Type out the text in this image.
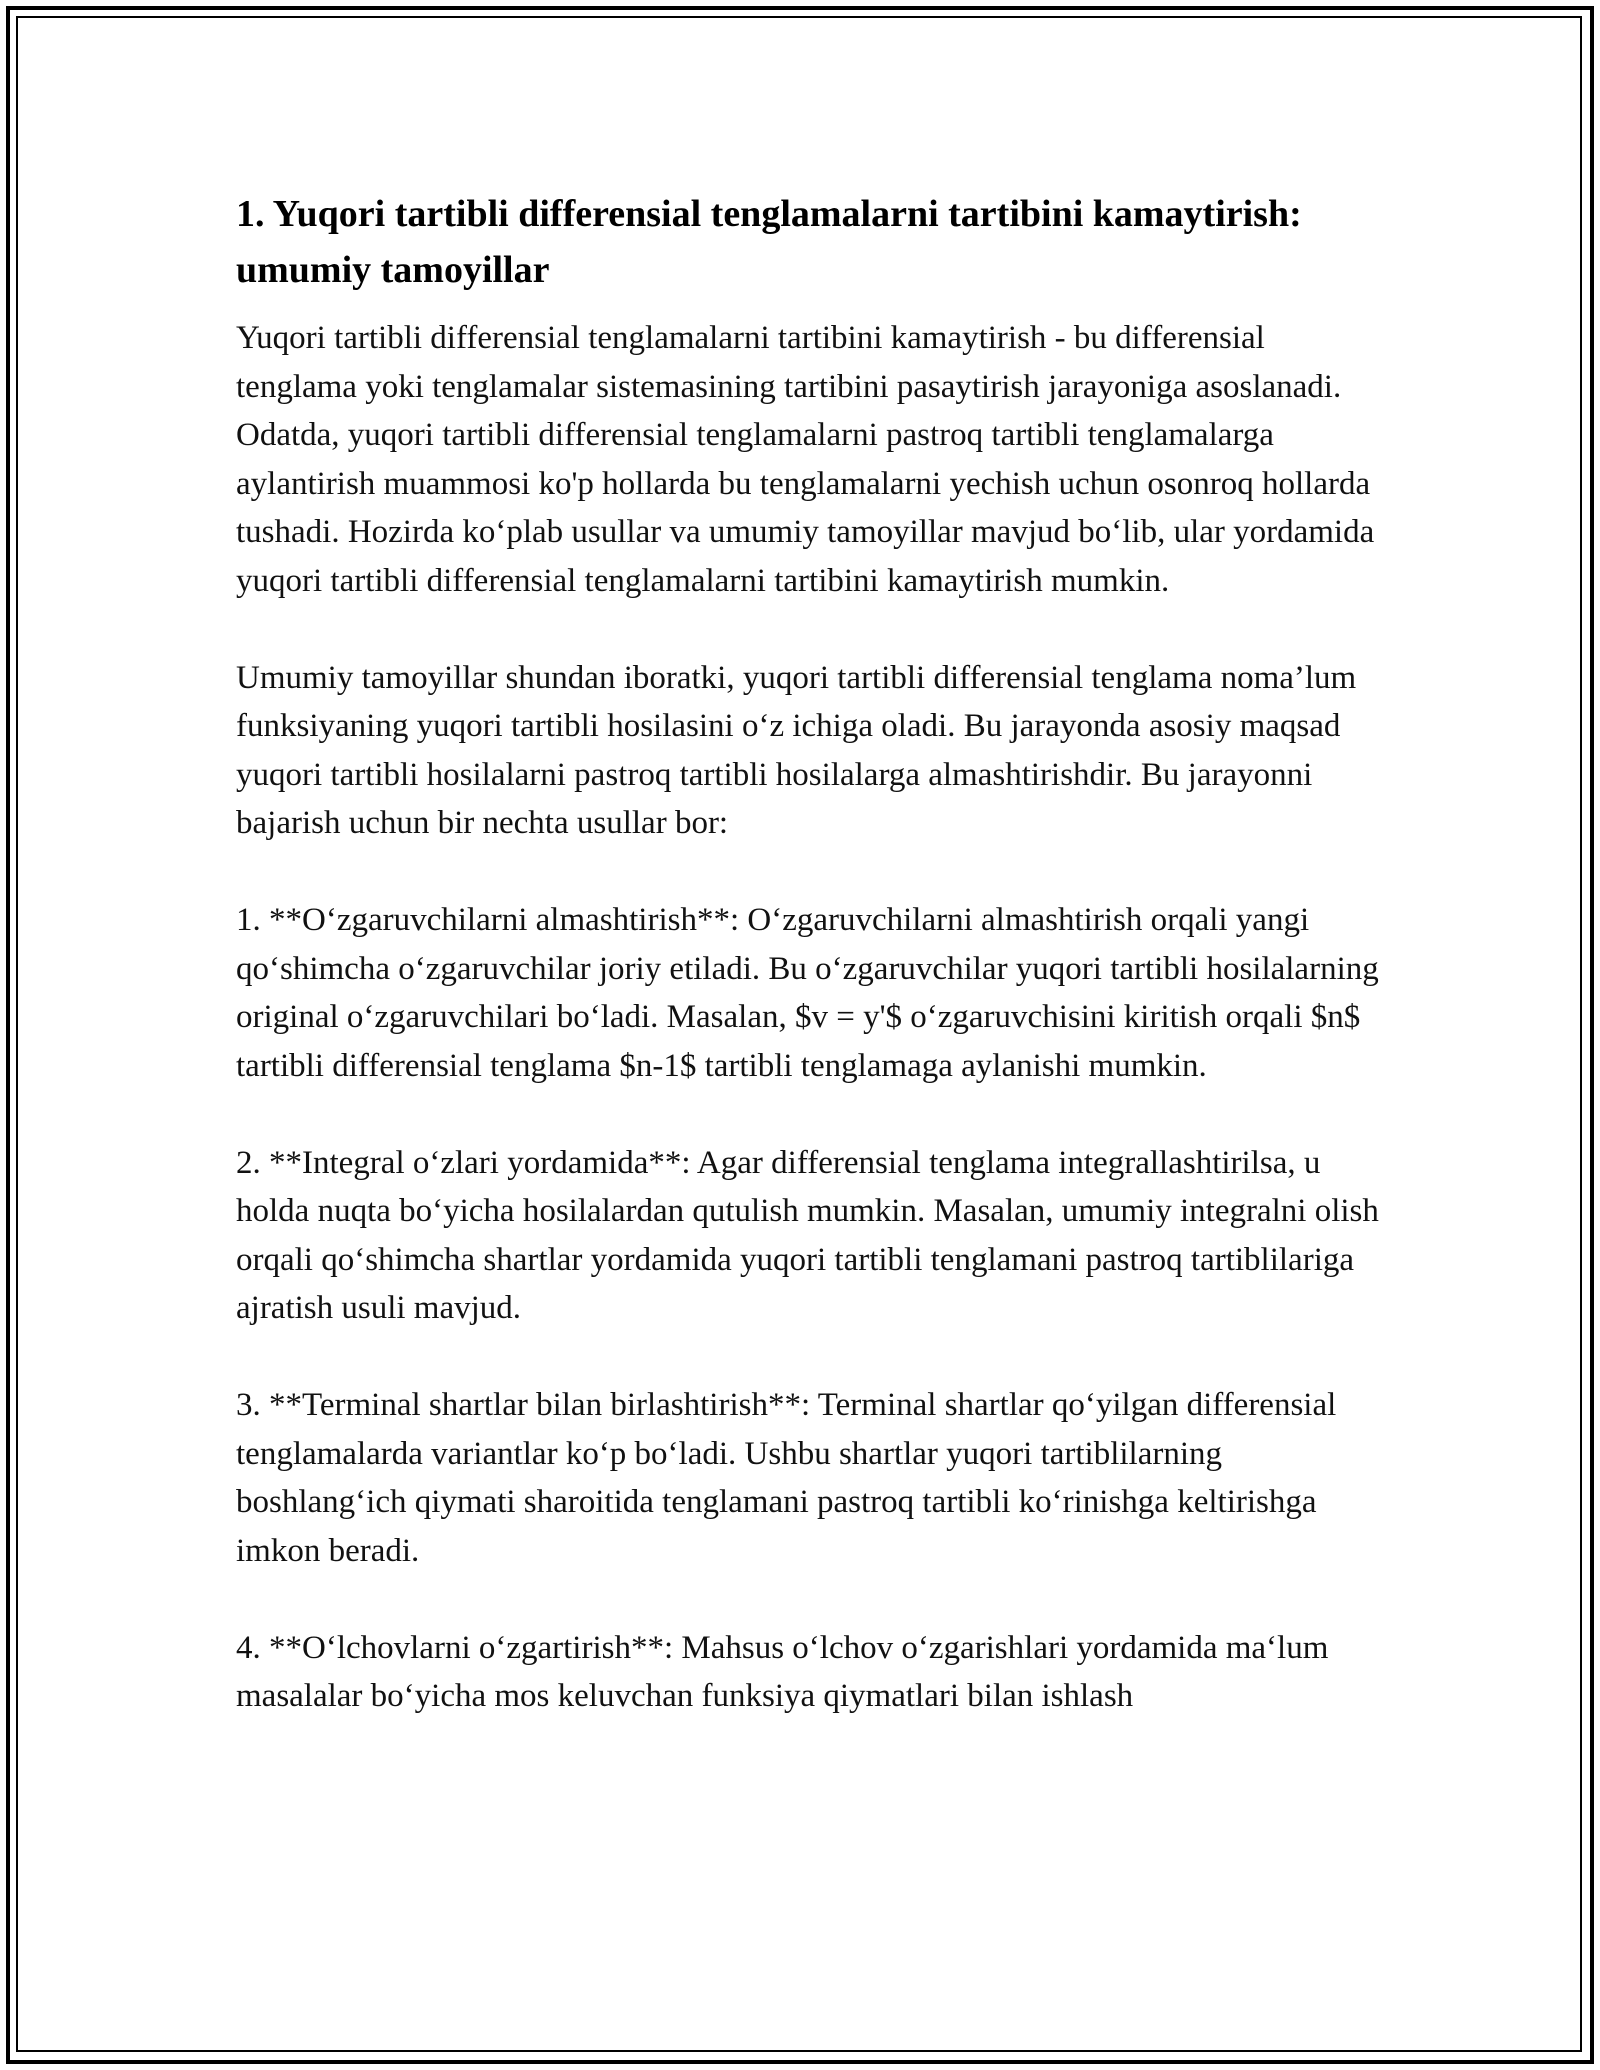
1. Yuqori tartibli differensial tenglamalarni tartibini kamaytirish: umumiy tamoyillar

Yuqori tartibli differensial tenglamalarni tartibini kamaytirish - bu differensial tenglama yoki tenglamalar sistemasining tartibini pasaytirish jarayoniga asoslanadi. Odatda, yuqori tartibli differensial tenglamalarni pastroq tartibli tenglamalarga aylantirish muammosi ko'p hollarda bu tenglamalarni yechish uchun osonroq hollarda tushadi. Hozirda ko‘plab usullar va umumiy tamoyillar mavjud bo‘lib, ular yordamida yuqori tartibli differensial tenglamalarni tartibini kamaytirish mumkin.

Umumiy tamoyillar shundan iboratki, yuqori tartibli differensial tenglama noma’lum funksiyaning yuqori tartibli hosilasini o‘z ichiga oladi. Bu jarayonda asosiy maqsad yuqori tartibli hosilalarni pastroq tartibli hosilalarga almashtirishdir. Bu jarayonni bajarish uchun bir nechta usullar bor:

1. **O‘zgaruvchilarni almashtirish**: O‘zgaruvchilarni almashtirish orqali yangi qo‘shimcha o‘zgaruvchilar joriy etiladi. Bu o‘zgaruvchilar yuqori tartibli hosilalarning original o‘zgaruvchilari bo‘ladi. Masalan, $v = y'$ o‘zgaruvchisini kiritish orqali $n$ tartibli differensial tenglama $n-1$ tartibli tenglamaga aylanishi mumkin.

2. **Integral o‘zlari yordamida**: Agar differensial tenglama integrallashtirilsa, u holda nuqta bo‘yicha hosilalardan qutulish mumkin. Masalan, umumiy integralni olish orqali qo‘shimcha shartlar yordamida yuqori tartibli tenglamani pastroq tartiblilariga ajratish usuli mavjud.

3. **Terminal shartlar bilan birlashtirish**: Terminal shartlar qo‘yilgan differensial tenglamalarda variantlar ko‘p bo‘ladi. Ushbu shartlar yuqori tartiblilarning boshlang‘ich qiymati sharoitida tenglamani pastroq tartibli ko‘rinishga keltirishga imkon beradi.

4. **O‘lchovlarni o‘zgartirish**: Mahsus o‘lchov o‘zgarishlari yordamida ma‘lum masalalar bo‘yicha mos keluvchan funksiya qiymatlari bilan ishlash
